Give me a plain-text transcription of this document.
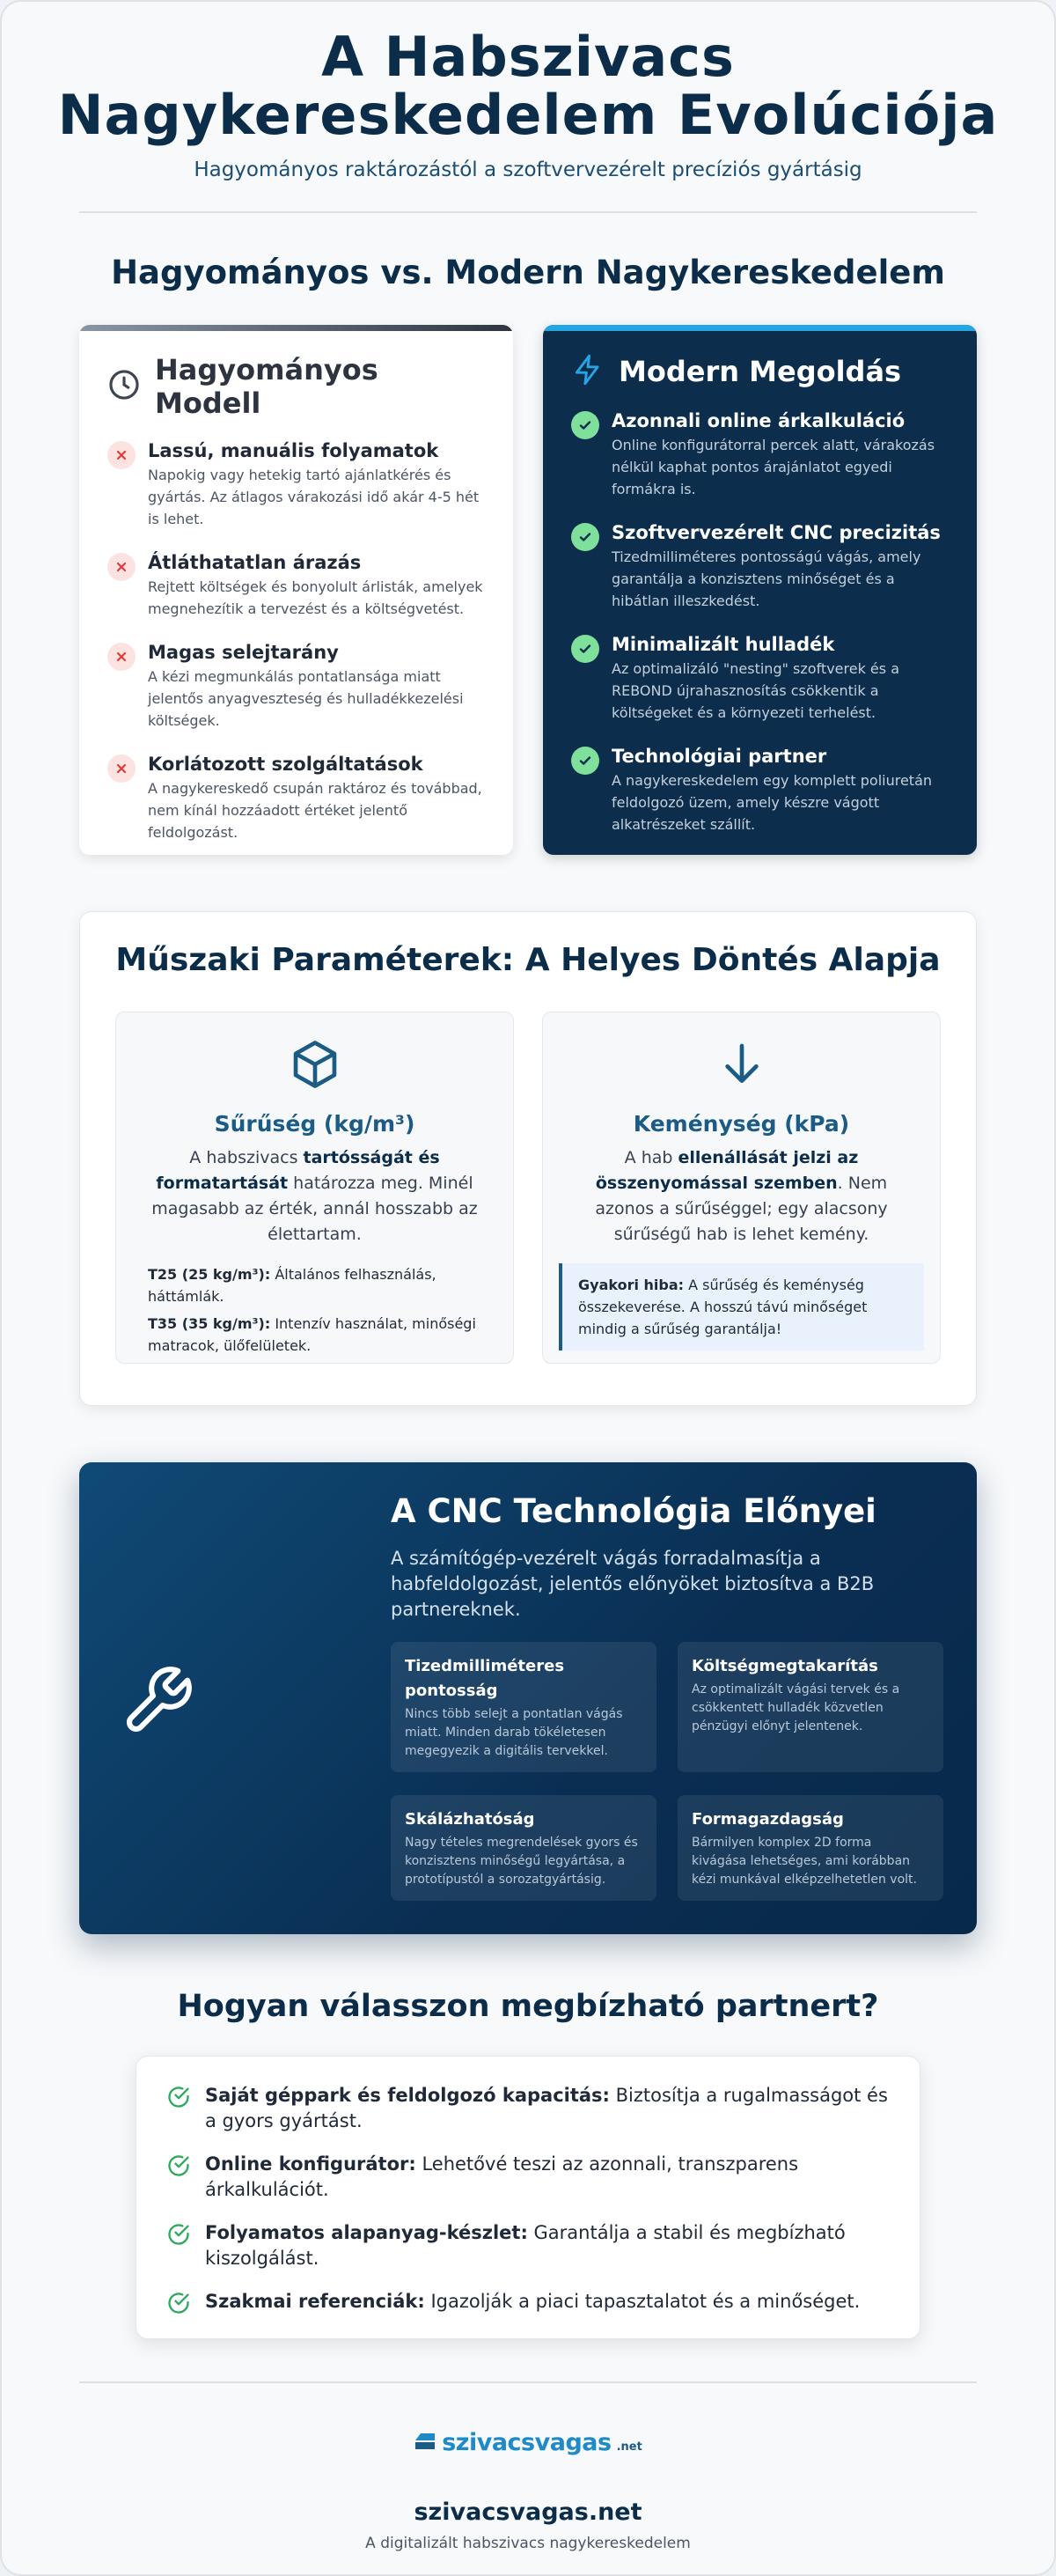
A Habszivacs
Nagykereskedelem Evolúciója

Hagyományos raktározástól a szoftvervezérelt precíziós gyártásig

Hagyományos vs. Modern Nagykereskedelem
Hagyományos Modell
Lassú, manuális folyamatok
Napokig vagy hetekig tartó ajánlatkérés és gyártás. Az átlagos várakozási idő akár 4-5 hét is lehet.
Átláthatatlan árazás
Rejtett költségek és bonyolult árlisták, amelyek megnehezítik a tervezést és a költségvetést.
Magas selejtarány
A kézi megmunkálás pontatlansága miatt jelentős anyagveszteség és hulladékkezelési költségek.
Korlátozott szolgáltatások
A nagykereskedő csupán raktároz és továbbad, nem kínál hozzáadott értéket jelentő feldolgozást.
Modern Megoldás
Azonnali online árkalkuláció
Online konfigurátorral percek alatt, várakozás nélkül kaphat pontos árajánlatot egyedi formákra is.
Szoftvervezérelt CNC precizitás
Tizedmilliméteres pontosságú vágás, amely garantálja a konzisztens minőséget és a hibátlan illeszkedést.
Minimalizált hulladék
Az optimalizáló "nesting" szoftverek és a REBOND újrahasznosítás csökkentik a költségeket és a környezeti terhelést.
Technológiai partner
A nagykereskedelem egy komplett poliuretán feldolgozó üzem, amely készre vágott alkatrészeket szállít.
Műszaki Paraméterek: A Helyes Döntés Alapja
Sűrűség (kg/m³)

A habszivacs tartósságát és formatartását határozza meg. Minél magasabb az érték, annál hosszabb az élettartam.

T25 (25 kg/m³): Általános felhasználás, háttámlák.

T35 (35 kg/m³): Intenzív használat, minőségi matracok, ülőfelületek.

Keménység (kPa)

A hab ellenállását jelzi az összenyomással szemben. Nem azonos a sűrűséggel; egy alacsony sűrűségű hab is lehet kemény.

Gyakori hiba: A sűrűség és keménység összekeverése. A hosszú távú minőséget mindig a sűrűség garantálja!
A CNC Technológia Előnyei

A számítógép-vezérelt vágás forradalmasítja a habfeldolgozást, jelentős előnyöket biztosítva a B2B partnereknek.

Tizedmilliméteres pontosság
Nincs több selejt a pontatlan vágás miatt. Minden darab tökéletesen megegyezik a digitális tervekkel.
Költségmegtakarítás
Az optimalizált vágási tervek és a csökkentett hulladék közvetlen pénzügyi előnyt jelentenek.
Skálázhatóság
Nagy tételes megrendelések gyors és konzisztens minőségű legyártása, a prototípustól a sorozatgyártásig.
Formagazdagság
Bármilyen komplex 2D forma kivágása lehetséges, ami korábban kézi munkával elképzelhetetlen volt.
Hogyan válasszon megbízható partnert?

Saját géppark és feldolgozó kapacitás: Biztosítja a rugalmasságot és a gyors gyártást.

Online konfigurátor: Lehetővé teszi az azonnali, transzparens árkalkulációt.

Folyamatos alapanyag-készlet: Garantálja a stabil és megbízható kiszolgálást.

Szakmai referenciák: Igazolják a piaci tapasztalatot és a minőséget.

szivacsvagas .net
szivacsvagas.net
A digitalizált habszivacs nagykereskedelem
